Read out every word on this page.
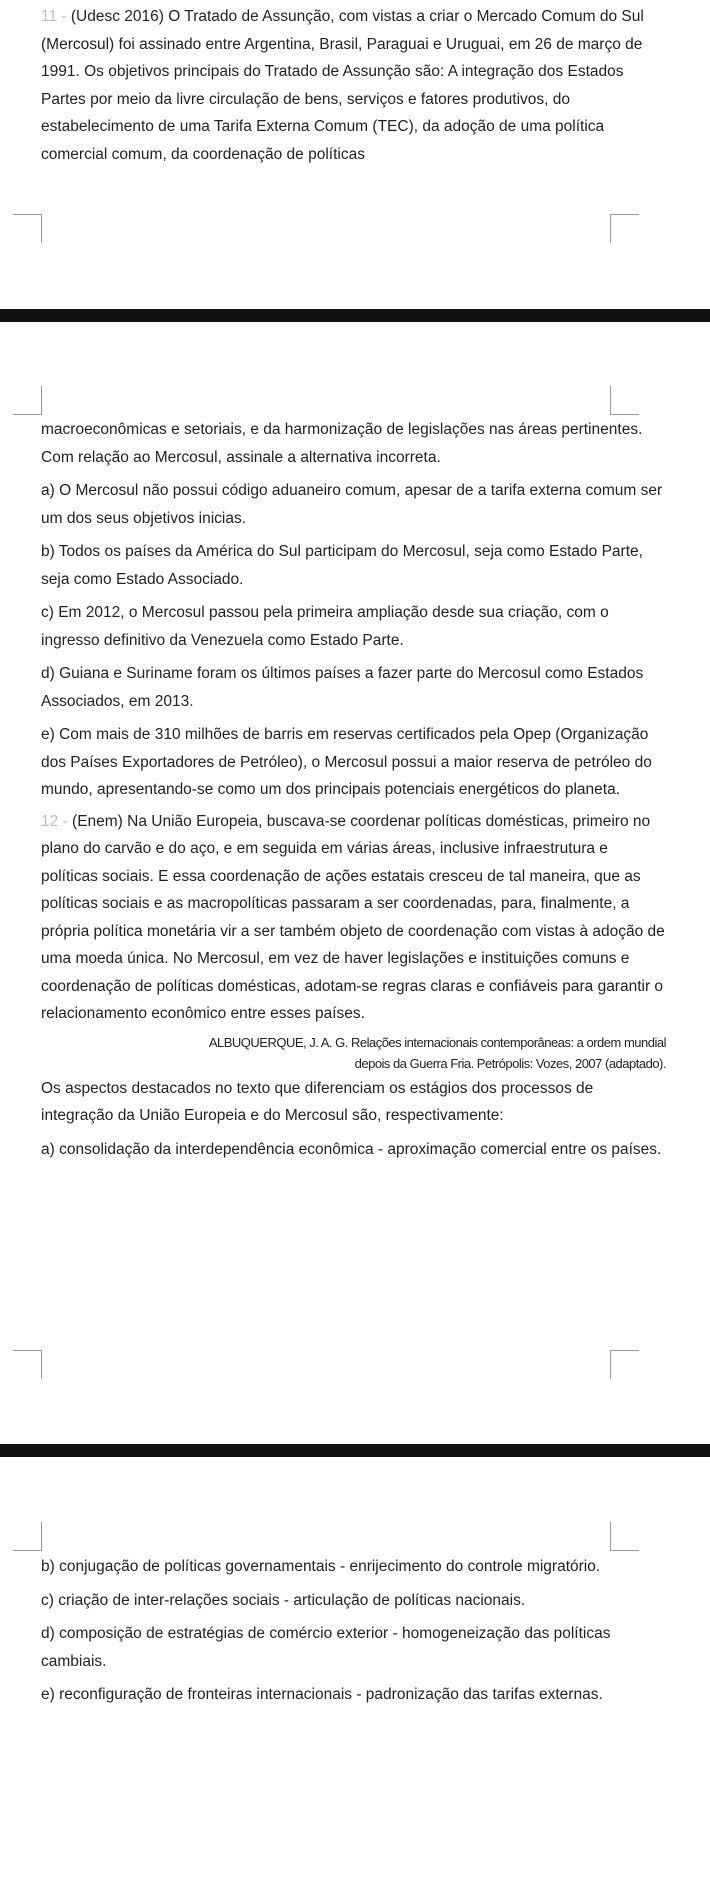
11 - (Udesc 2016) O Tratado de Assunção, com vistas a criar o Mercado Comum do Sul (Mercosul) foi assinado entre Argentina, Brasil, Paraguai e Uruguai, em 26 de março de 1991. Os objetivos principais do Tratado de Assunção são: A integração dos Estados Partes por meio da livre circulação de bens, serviços e fatores produtivos, do estabelecimento de uma Tarifa Externa Comum (TEC), da adoção de uma política comercial comum, da coordenação de políticas

macroeconômicas e setoriais, e da harmonização de legislações nas áreas pertinentes. Com relação ao Mercosul, assinale a alternativa incorreta.

a) O Mercosul não possui código aduaneiro comum, apesar de a tarifa externa comum ser um dos seus objetivos inicias.

b) Todos os países da América do Sul participam do Mercosul, seja como Estado Parte, seja como Estado Associado.

c) Em 2012, o Mercosul passou pela primeira ampliação desde sua criação, com o ingresso definitivo da Venezuela como Estado Parte.

d) Guiana e Suriname foram os últimos países a fazer parte do Mercosul como Estados Associados, em 2013.

e) Com mais de 310 milhões de barris em reservas certificados pela Opep (Organização dos Países Exportadores de Petróleo), o Mercosul possui a maior reserva de petróleo do mundo, apresentando-se como um dos principais potenciais energéticos do planeta.

12 - (Enem) Na União Europeia, buscava-se coordenar políticas domésticas, primeiro no plano do carvão e do aço, e em seguida em várias áreas, inclusive infraestrutura e políticas sociais. E essa coordenação de ações estatais cresceu de tal maneira, que as políticas sociais e as macropolíticas passaram a ser coordenadas, para, finalmente, a própria política monetária vir a ser também objeto de coordenação com vistas à adoção de uma moeda única. No Mercosul, em vez de haver legislações e instituições comuns e coordenação de políticas domésticas, adotam-se regras claras e confiáveis para garantir o relacionamento econômico entre esses países.

ALBUQUERQUE, J. A. G. Relações internacionais contemporâneas: a ordem mundial

depois da Guerra Fria. Petrópolis: Vozes, 2007 (adaptado).

Os aspectos destacados no texto que diferenciam os estágios dos processos de integração da União Europeia e do Mercosul são, respectivamente:

a) consolidação da interdependência econômica - aproximação comercial entre os países.

b) conjugação de políticas governamentais - enrijecimento do controle migratório.

c) criação de inter-relações sociais - articulação de políticas nacionais.

d) composição de estratégias de comércio exterior - homogeneização das políticas cambiais.

e) reconfiguração de fronteiras internacionais - padronização das tarifas externas.
